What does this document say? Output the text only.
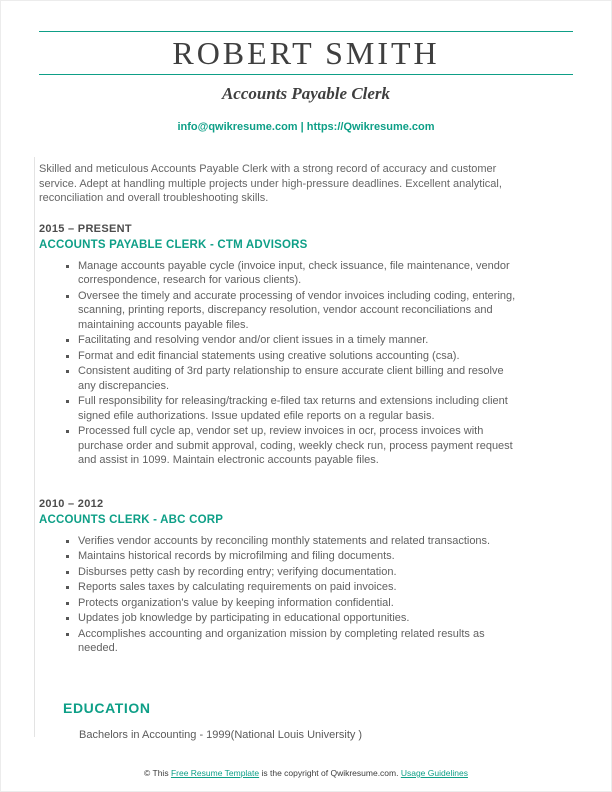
ROBERT SMITH
Accounts Payable Clerk
info@qwikresume.com | https://Qwikresume.com

Skilled and meticulous Accounts Payable Clerk with a strong record of accuracy and customer service. Adept at handling multiple projects under high-pressure deadlines. Excellent analytical, reconciliation and overall troubleshooting skills.

2015 – PRESENT
ACCOUNTS PAYABLE CLERK - CTM ADVISORS
Manage accounts payable cycle (invoice input, check issuance, file maintenance, vendor correspondence, research for various clients).
Oversee the timely and accurate processing of vendor invoices including coding, entering, scanning, printing reports, discrepancy resolution, vendor account reconciliations and maintaining accounts payable files.
Facilitating and resolving vendor and/or client issues in a timely manner.
Format and edit financial statements using creative solutions accounting (csa).
Consistent auditing of 3rd party relationship to ensure accurate client billing and resolve any discrepancies.
Full responsibility for releasing/tracking e-filed tax returns and extensions including client signed efile authorizations. Issue updated efile reports on a regular basis.
Processed full cycle ap, vendor set up, review invoices in ocr, process invoices with purchase order and submit approval, coding, weekly check run, process payment request and assist in 1099. Maintain electronic accounts payable files.
2010 – 2012
ACCOUNTS CLERK - ABC CORP
Verifies vendor accounts by reconciling monthly statements and related transactions.
Maintains historical records by microfilming and filing documents.
Disburses petty cash by recording entry; verifying documentation.
Reports sales taxes by calculating requirements on paid invoices.
Protects organization's value by keeping information confidential.
Updates job knowledge by participating in educational opportunities.
Accomplishes accounting and organization mission by completing related results as needed.
EDUCATION

Bachelors in Accounting - 1999(National Louis University )

© This Free Resume Template is the copyright of Qwikresume.com. Usage Guidelines
